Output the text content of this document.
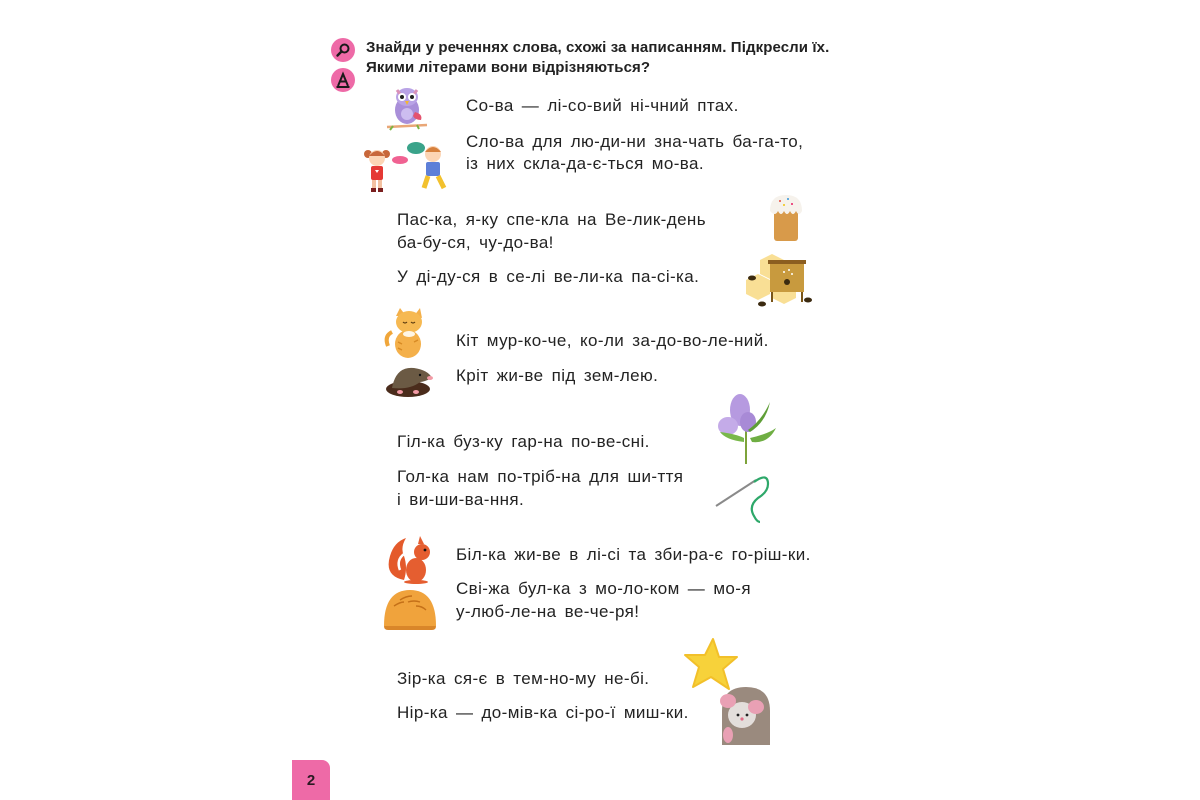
Знайди у реченнях слова, схожі за написанням. Підкресли їх.
Якими літерами вони відрізняються?
Со-ва — лі-со-вий ні-чний птах.
Сло-ва для лю-ди-ни зна-чать ба-га-то,
із них скла-да-є-ться мо-ва.
Пас-ка, я-ку спе-кла на Ве-лик-день
ба-бу-ся, чу-до-ва!
У ді-ду-ся в се-лі ве-ли-ка па-сі-ка.
Кіт мур-ко-че, ко-ли за-до-во-ле-ний.
Кріт жи-ве під зем-лею.
Гіл-ка буз-ку гар-на по-ве-сні.
Гол-ка нам по-тріб-на для ши-ття
і ви-ши-ва-ння.
Біл-ка жи-ве в лі-сі та зби-ра-є го-ріш-ки.
Сві-жа бул-ка з мо-ло-ком — мо-я
у-люб-ле-на ве-че-ря!
Зір-ка ся-є в тем-но-му не-бі.
Нір-ка — до-мів-ка сі-ро-ї миш-ки.
2
